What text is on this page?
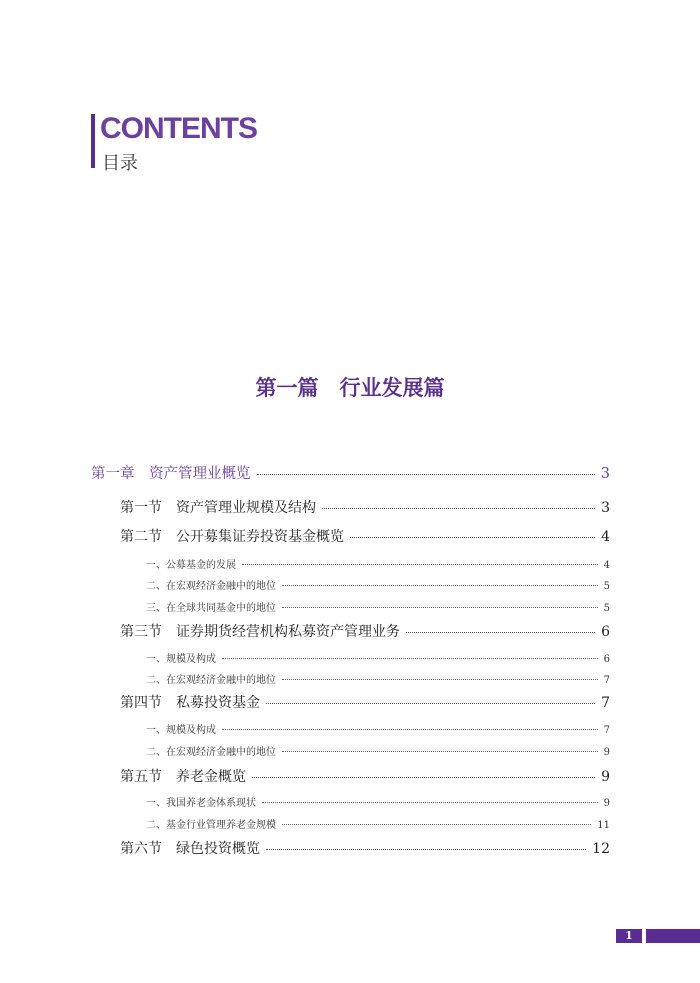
CONTENTS
目录
第一篇　行业发展篇
第一章　资产管理业概览	3
第一节　资产管理业规模及结构	3
第二节　公开募集证券投资基金概览	4
一、公募基金的发展	4
二、在宏观经济金融中的地位	5
三、在全球共同基金中的地位	5
第三节　证券期货经营机构私募资产管理业务	6
一、规模及构成	6
二、在宏观经济金融中的地位	7
第四节　私募投资基金	7
一、规模及构成	7
二、在宏观经济金融中的地位	9
第五节　养老金概览	9
一、我国养老金体系现状	9
二、基金行业管理养老金规模	11
第六节　绿色投资概览	12
1
